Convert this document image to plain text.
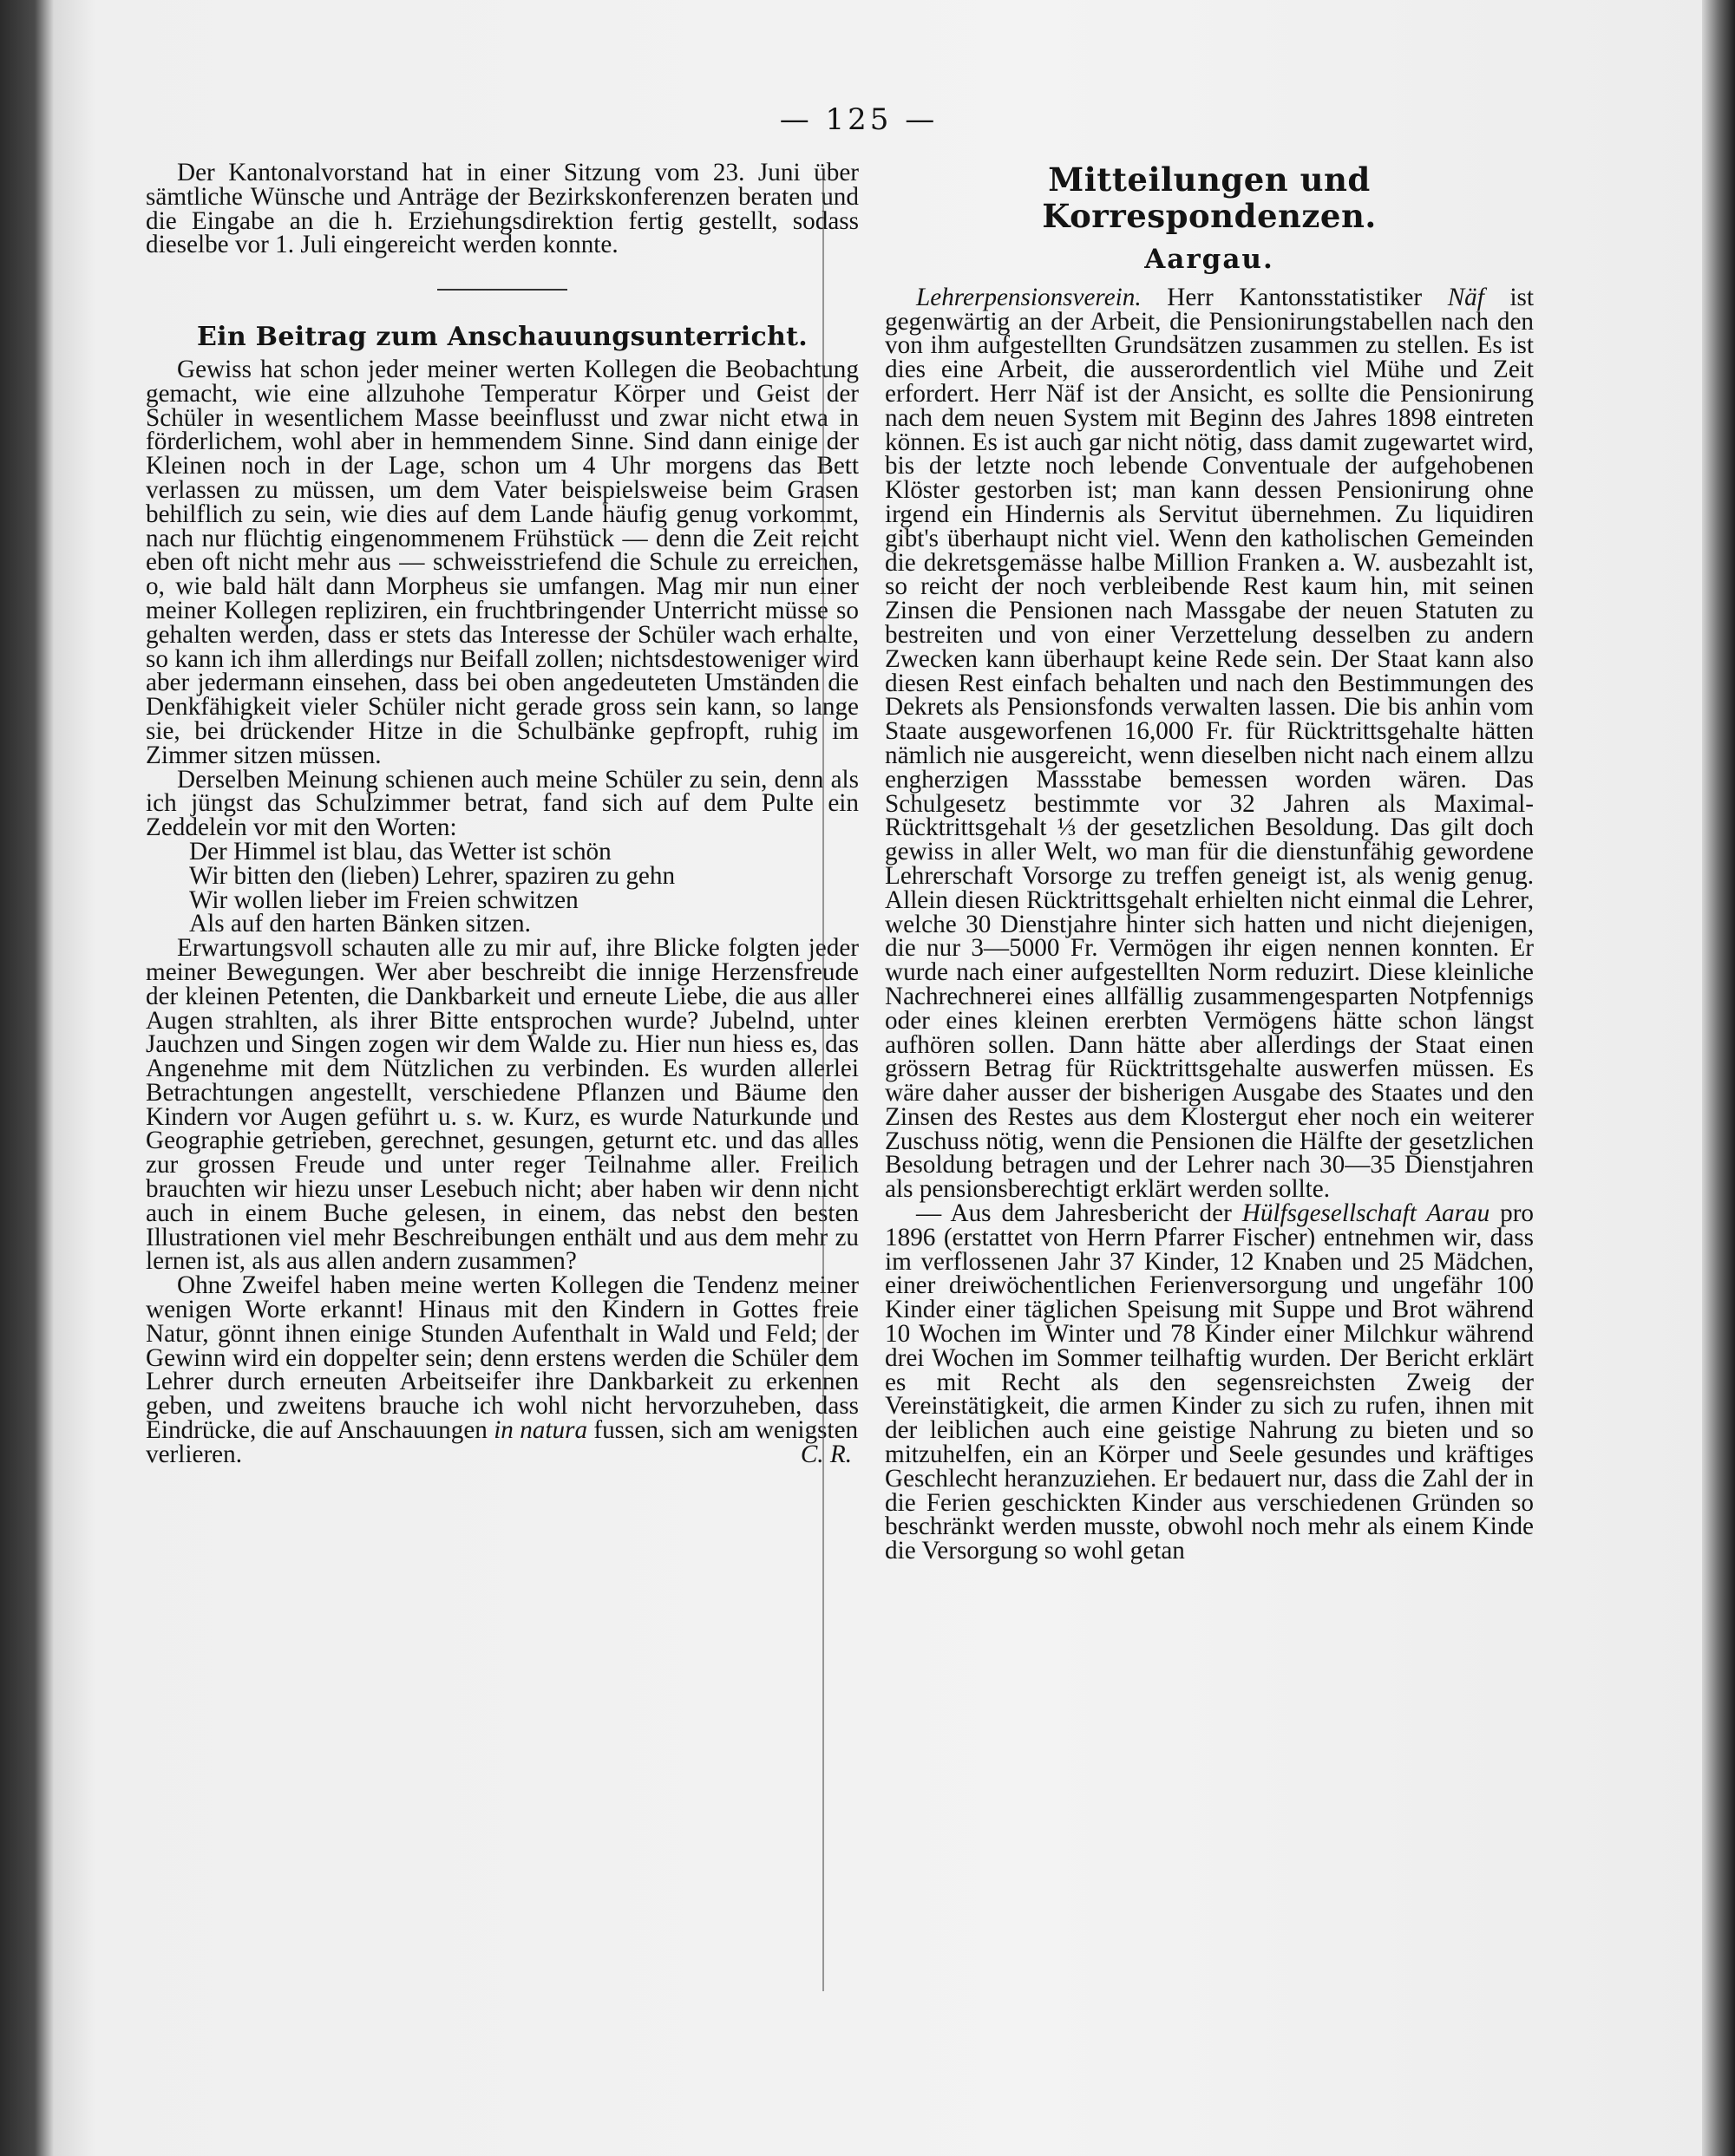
— 125 —

Der Kantonalvorstand hat in einer Sitzung vom 23. Juni über sämtliche Wünsche und Anträge der Bezirkskonferenzen beraten und die Eingabe an die h. Erziehungsdirektion fertig gestellt, sodass dieselbe vor 1. Juli eingereicht werden konnte.

Ein Beitrag zum Anschauungsunterricht.

Gewiss hat schon jeder meiner werten Kollegen die Beobachtung gemacht, wie eine allzuhohe Temperatur Körper und Geist der Schüler in wesentlichem Masse beeinflusst und zwar nicht etwa in förderlichem, wohl aber in hemmendem Sinne. Sind dann einige der Kleinen noch in der Lage, schon um 4 Uhr morgens das Bett verlassen zu müssen, um dem Vater beispielsweise beim Grasen behilflich zu sein, wie dies auf dem Lande häufig genug vorkommt, nach nur flüchtig eingenommenem Frühstück — denn die Zeit reicht eben oft nicht mehr aus — schweisstriefend die Schule zu erreichen, o, wie bald hält dann Morpheus sie umfangen. Mag mir nun einer meiner Kollegen repliziren, ein fruchtbringender Unterricht müsse so gehalten werden, dass er stets das Interesse der Schüler wach erhalte, so kann ich ihm allerdings nur Beifall zollen; nichtsdestoweniger wird aber jedermann einsehen, dass bei oben angedeuteten Umständen die Denkfähigkeit vieler Schüler nicht gerade gross sein kann, so lange sie, bei drückender Hitze in die Schulbänke gepfropft, ruhig im Zimmer sitzen müssen.

Derselben Meinung schienen auch meine Schüler zu sein, denn als ich jüngst das Schulzimmer betrat, fand sich auf dem Pulte ein Zeddelein vor mit den Worten:

Der Himmel ist blau, das Wetter ist schön
Wir bitten den (lieben) Lehrer, spaziren zu gehn
Wir wollen lieber im Freien schwitzen
Als auf den harten Bänken sitzen.

Erwartungsvoll schauten alle zu mir auf, ihre Blicke folgten jeder meiner Bewegungen. Wer aber beschreibt die innige Herzensfreude der kleinen Petenten, die Dankbarkeit und erneute Liebe, die aus aller Augen strahlten, als ihrer Bitte entsprochen wurde? Jubelnd, unter Jauchzen und Singen zogen wir dem Walde zu. Hier nun hiess es, das Angenehme mit dem Nützlichen zu verbinden. Es wurden allerlei Betrachtungen angestellt, verschiedene Pflanzen und Bäume den Kindern vor Augen geführt u. s. w. Kurz, es wurde Naturkunde und Geographie getrieben, gerechnet, gesungen, geturnt etc. und das alles zur grossen Freude und unter reger Teilnahme aller. Freilich brauchten wir hiezu unser Lesebuch nicht; aber haben wir denn nicht auch in einem Buche gelesen, in einem, das nebst den besten Illustrationen viel mehr Beschreibungen enthält und aus dem mehr zu lernen ist, als aus allen andern zusammen?

Ohne Zweifel haben meine werten Kollegen die Tendenz meiner wenigen Worte erkannt! Hinaus mit den Kindern in Gottes freie Natur, gönnt ihnen einige Stunden Aufenthalt in Wald und Feld; der Gewinn wird ein doppelter sein; denn erstens werden die Schüler dem Lehrer durch erneuten Arbeitseifer ihre Dankbarkeit zu erkennen geben, und zweitens brauche ich wohl nicht hervorzuheben, dass Eindrücke, die auf Anschauungen in natura fussen, sich am wenigsten

verlieren.	C. R.
Mitteilungen und Korrespondenzen.
Aargau.

Lehrerpensionsverein. Herr Kantonsstatistiker Näf ist gegenwärtig an der Arbeit, die Pensionirungstabellen nach den von ihm aufgestellten Grundsätzen zusammen zu stellen. Es ist dies eine Arbeit, die ausserordentlich viel Mühe und Zeit erfordert. Herr Näf ist der Ansicht, es sollte die Pensionirung nach dem neuen System mit Beginn des Jahres 1898 eintreten können. Es ist auch gar nicht nötig, dass damit zugewartet wird, bis der letzte noch lebende Conventuale der aufgehobenen Klöster gestorben ist; man kann dessen Pensionirung ohne irgend ein Hindernis als Servitut übernehmen. Zu liquidiren gibt's überhaupt nicht viel. Wenn den katholischen Gemeinden die dekretsgemässe halbe Million Franken a. W. ausbezahlt ist, so reicht der noch verbleibende Rest kaum hin, mit seinen Zinsen die Pensionen nach Massgabe der neuen Statuten zu bestreiten und von einer Verzettelung desselben zu andern Zwecken kann überhaupt keine Rede sein. Der Staat kann also diesen Rest einfach behalten und nach den Bestimmungen des Dekrets als Pensionsfonds verwalten lassen. Die bis anhin vom Staate ausgeworfenen 16,000 Fr. für Rücktrittsgehalte hätten nämlich nie ausgereicht, wenn dieselben nicht nach einem allzu engherzigen Massstabe bemessen worden wären. Das Schulgesetz bestimmte vor 32 Jahren als Maximal-Rücktrittsgehalt ⅓ der gesetzlichen Besoldung. Das gilt doch gewiss in aller Welt, wo man für die dienstunfähig gewordene Lehrerschaft Vorsorge zu treffen geneigt ist, als wenig genug. Allein diesen Rücktrittsgehalt erhielten nicht einmal die Lehrer, welche 30 Dienstjahre hinter sich hatten und nicht diejenigen, die nur 3—5000 Fr. Vermögen ihr eigen nennen konnten. Er wurde nach einer aufgestellten Norm reduzirt. Diese kleinliche Nachrechnerei eines allfällig zusammengesparten Notpfennigs oder eines kleinen ererbten Vermögens hätte schon längst aufhören sollen. Dann hätte aber allerdings der Staat einen grössern Betrag für Rücktrittsgehalte auswerfen müssen. Es wäre daher ausser der bisherigen Ausgabe des Staates und den Zinsen des Restes aus dem Klostergut eher noch ein weiterer Zuschuss nötig, wenn die Pensionen die Hälfte der gesetzlichen Besoldung betragen und der Lehrer nach 30—35 Dienstjahren als pensionsberechtigt erklärt werden sollte.

— Aus dem Jahresbericht der Hülfsgesellschaft Aarau pro 1896 (erstattet von Herrn Pfarrer Fischer) entnehmen wir, dass im verflossenen Jahr 37 Kinder, 12 Knaben und 25 Mädchen, einer dreiwöchentlichen Ferienversorgung und ungefähr 100 Kinder einer täglichen Speisung mit Suppe und Brot während 10 Wochen im Winter und 78 Kinder einer Milchkur während drei Wochen im Sommer teilhaftig wurden. Der Bericht erklärt es mit Recht als den segensreichsten Zweig der Vereinstätigkeit, die armen Kinder zu sich zu rufen, ihnen mit der leiblichen auch eine geistige Nahrung zu bieten und so mitzuhelfen, ein an Körper und Seele gesundes und kräftiges Geschlecht heranzuziehen. Er bedauert nur, dass die Zahl der in die Ferien geschickten Kinder aus verschiedenen Gründen so beschränkt werden musste, obwohl noch mehr als einem Kinde die Versorgung so wohl getan
